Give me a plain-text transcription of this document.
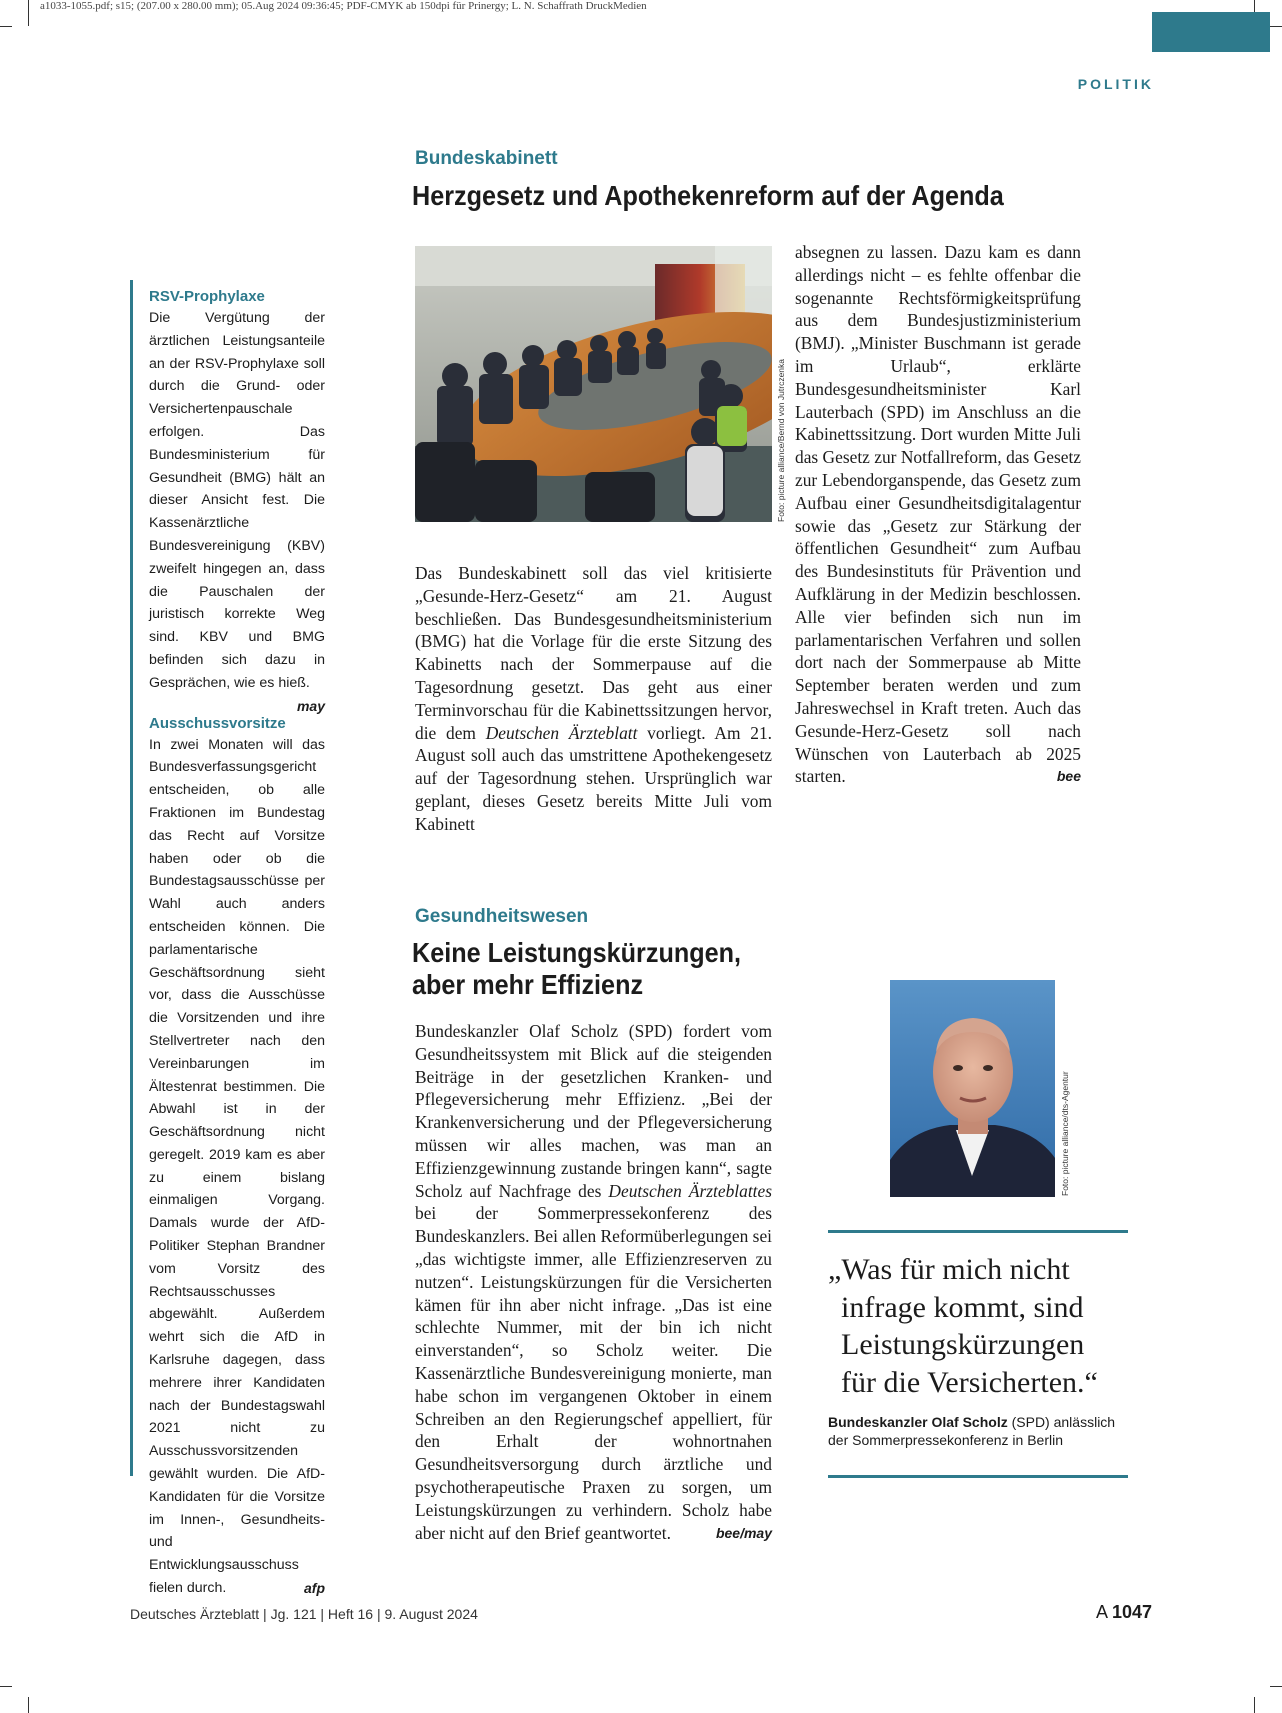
a1033-1055.pdf; s15; (207.00 x 280.00 mm); 05.Aug 2024 09:36:45; PDF-CMYK ab 150dpi für Prinergy; L. N. Schaffrath DruckMedien
POLITIK
Bundeskabinett
Herzgesetz und Apothekenreform auf der Agenda
Foto: picture alliance/Bernd von Jutrczenka

Das Bundeskabinett soll das viel kritisierte „Gesunde-Herz-Gesetz“ am 21. August beschließen. Das Bundesgesundheitsministerium (BMG) hat die Vorlage für die erste Sitzung des Kabinetts nach der Sommerpause auf die Tagesordnung gesetzt. Das geht aus einer Terminvorschau für die Kabinettssitzungen hervor, die dem Deutschen Ärzteblatt vorliegt. Am 21. August soll auch das umstrittene Apothekengesetz auf der Tagesordnung stehen. Ursprünglich war geplant, dieses Gesetz bereits Mitte Juli vom Kabinett

absegnen zu lassen. Dazu kam es dann allerdings nicht – es fehlte offenbar die sogenannte Rechtsförmigkeitsprüfung aus dem Bundesjustizministerium (BMJ). „Minister Buschmann ist gerade im Urlaub“, erklärte Bundesgesundheitsminister Karl Lauterbach (SPD) im Anschluss an die Kabinettssitzung. Dort wurden Mitte Juli das Gesetz zur Notfallreform, das Gesetz zur Lebendorganspende, das Gesetz zum Aufbau einer Gesundheitsdigitalagentur sowie das „Gesetz zur Stärkung der öffentlichen Gesundheit“ zum Aufbau des Bundesinstituts für Prävention und Aufklärung in der Medizin beschlossen. Alle vier befinden sich nun im parlamentarischen Verfahren und sollen dort nach der Sommerpause ab Mitte September beraten werden und zum Jahreswechsel in Kraft treten. Auch das Gesunde-Herz-Gesetz soll nach Wünschen von Lauterbach ab 2025 starten.	bee

Gesundheitswesen
Keine Leistungskürzungen,
aber mehr Effizienz

Bundeskanzler Olaf Scholz (SPD) fordert vom Gesundheitssystem mit Blick auf die steigenden Beiträge in der gesetzlichen Kranken- und Pflegeversicherung mehr Effizienz. „Bei der Krankenversicherung und der Pflegeversicherung müssen wir alles machen, was man an Effizienzgewinnung zustande bringen kann“, sagte Scholz auf Nachfrage des Deutschen Ärzteblattes bei der Sommerpressekonferenz des Bundeskanzlers. Bei allen Reformüberlegungen sei „das wichtigste immer, alle Effizienzreserven zu nutzen“. Leistungskürzungen für die Versicherten kämen für ihn aber nicht infrage. „Das ist eine schlechte Nummer, mit der bin ich nicht einverstanden“, so Scholz weiter. Die Kassenärztliche Bundesvereinigung monierte, man habe schon im vergangenen Oktober in einem Schreiben an den Regierungschef appelliert, für den Erhalt der wohnortnahen Gesundheitsversorgung durch ärztliche und psychotherapeutische Praxen zu sorgen, um Leistungskürzungen zu verhindern. Scholz habe aber nicht auf den Brief geantwortet.	bee/may

Foto: picture alliance/dts-Agentur
„Was für mich nicht
infrage kommt, sind
Leistungskürzungen
für die Versicherten.“
Bundeskanzler Olaf Scholz (SPD) anlässlich der Sommerpressekonferenz in Berlin
RSV-Prophylaxe

Die Vergütung der ärztlichen Leistungsanteile an der RSV-Prophylaxe soll durch die Grund- oder Versichertenpauschale erfolgen. Das Bundesministerium für Gesundheit (BMG) hält an dieser Ansicht fest. Die Kassenärztliche Bundesvereinigung (KBV) zweifelt hingegen an, dass die Pauschalen der juristisch korrekte Weg sind. KBV und BMG befinden sich dazu in Gesprächen, wie es hieß.
may

Ausschussvorsitze

In zwei Monaten will das Bundesverfassungsgericht entscheiden, ob alle Fraktionen im Bundestag das Recht auf Vorsitze haben oder ob die Bundestagsausschüsse per Wahl auch anders entscheiden können. Die parlamentarische Geschäftsordnung sieht vor, dass die Ausschüsse die Vorsitzenden und ihre Stellvertreter nach den Vereinbarungen im Ältestenrat bestimmen. Die Abwahl ist in der Geschäftsordnung nicht geregelt. 2019 kam es aber zu einem bislang einmaligen Vorgang. Damals wurde der AfD-Politiker Stephan Brandner vom Vorsitz des Rechtsausschusses abgewählt. Außerdem wehrt sich die AfD in Karlsruhe dagegen, dass mehrere ihrer Kandidaten nach der Bundestagswahl 2021 nicht zu Ausschussvorsitzenden gewählt wurden. Die AfD-Kandidaten für die Vorsitze im Innen-, Gesundheits- und Entwicklungsausschuss fielen durch.	afp

Deutsches Ärzteblatt | Jg. 121 | Heft 16 | 9. August 2024	A 1047
